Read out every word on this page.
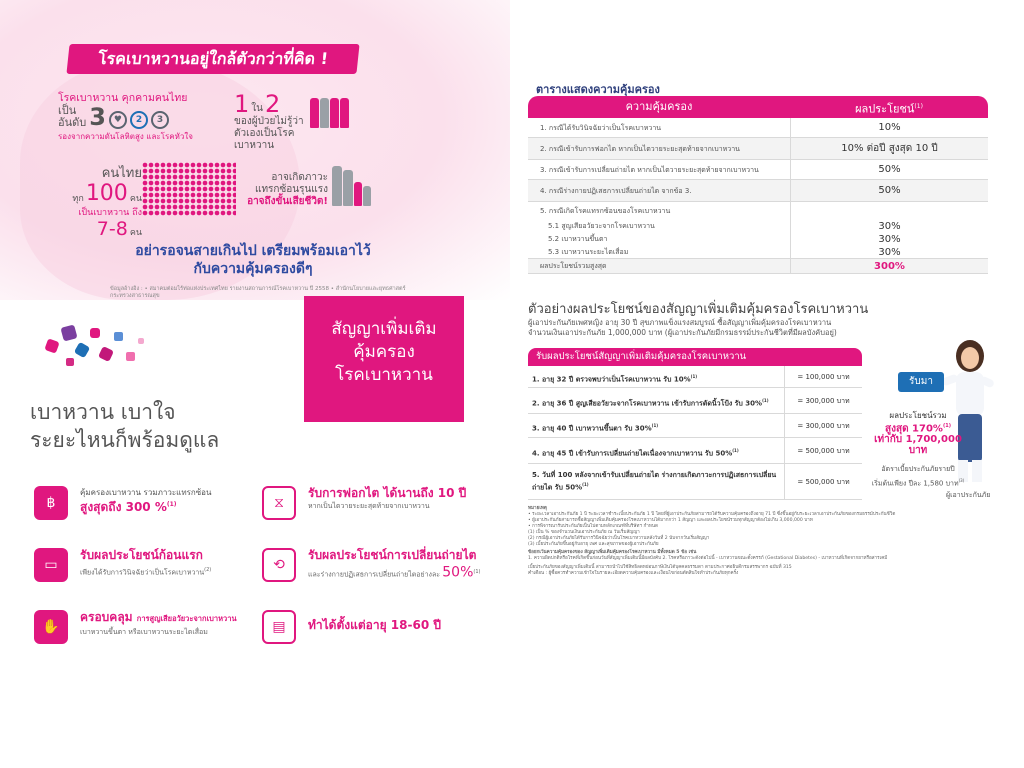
โรคเบาหวานอยู่ใกล้ตัวกว่าที่คิด !
โรคเบาหวาน คุกคามคนไทย
เป็น
อันดับ 3 ♥	2	3
รองจากความดันโลหิตสูง และโรคหัวใจ
1 ใน 2
ของผู้ป่วยไม่รู้ว่าตัวเองเป็นโรคเบาหวาน
คนไทย
ทุก 100 คน
เป็นเบาหวาน ถึง
7-8 คน
อาจเกิดภาวะ
แทรกซ้อนรุนแรง
อาจถึงขั้นเสียชีวิต!
อย่ารอจนสายเกินไป เตรียมพร้อมเอาไว้
กับความคุ้มครองดีๆ
ข้อมูลอ้างอิง : • สมาคมต่อมไร้ท่อแห่งประเทศไทย รายงานสถานการณ์โรคเบาหวาน ปี 2558 • สำนักนโยบายและยุทธศาสตร์ กระทรวงสาธารณสุข
สัญญาเพิ่มเติม
คุ้มครอง
โรคเบาหวาน
เบาหวาน เบาใจ
ระยะไหนก็พร้อมดูแล
฿
คุ้มครองเบาหวาน รวมภาวะแทรกซ้อน
สูงสุดถึง 300 %$^{(1)}$	⧖
รับการฟอกไต ได้นานถึง 10 ปี
หากเป็นไตวายระยะสุดท้ายจากเบาหวาน
▭
รับผลประโยชน์ก้อนแรก
เพียงได้รับการวินิจฉัยว่าเป็นโรคเบาหวาน$^{(2)}$	⟲
รับผลประโยชน์การเปลี่ยนถ่ายไต
และร่างกายปฏิเสธการเปลี่ยนถ่ายไตอย่างละ 50%$^{(1)}$
✋
ครอบคลุม การสูญเสียอวัยวะจากเบาหวาน
เบาหวานขึ้นตา หรือเบาหวานระยะไตเสื่อม	▤	ทำได้ตั้งแต่อายุ 18-60 ปี
ตารางแสดงความคุ้มครอง
ความคุ้มครอง	ผลประโยชน์$^{(1)}$
1. กรณีได้รับวินิจฉัยว่าเป็นโรคเบาหวาน	10%
2. กรณีเข้ารับการฟอกไต หากเป็นไตวายระยะสุดท้ายจากเบาหวาน	10% ต่อปี สูงสุด 10 ปี
3. กรณีเข้ารับการเปลี่ยนถ่ายไต หากเป็นไตวายระยะสุดท้ายจากเบาหวาน	50%
4. กรณีร่างกายปฏิเสธการเปลี่ยนถ่ายไต จากข้อ 3.	50%
5. กรณีเกิดโรคแทรกซ้อนของโรคเบาหวาน
5.1 สูญเสียอวัยวะจากโรคเบาหวาน	30%
5.2 เบาหวานขึ้นตา	30%
5.3 เบาหวานระยะไตเสื่อม	30%
ผลประโยชน์รวมสูงสุด	300%
ตัวอย่างผลประโยชน์ของสัญญาเพิ่มเติมคุ้มครองโรคเบาหวาน
ผู้เอาประกันภัยเพศหญิง อายุ 30 ปี สุขภาพแข็งแรงสมบูรณ์ ซื้อสัญญาเพิ่มคุ้มครองโรคเบาหวาน
จำนวนเงินเอาประกันภัย 1,000,000 บาท (ผู้เอาประกันภัยมีกรมธรรม์ประกันชีวิตที่มีผลบังคับอยู่)
รับผลประโยชน์สัญญาเพิ่มเติมคุ้มครองโรคเบาหวาน
1. อายุ 32 ปี ตรวจพบว่าเป็นโรคเบาหวาน รับ 10%$^{(1)}$	= 100,000 บาท
2. อายุ 36 ปี สูญเสียอวัยวะจากโรคเบาหวาน เข้ารับการตัดนิ้วโป้ง รับ 30%$^{(1)}$	= 300,000 บาท
3. อายุ 40 ปี เบาหวานขึ้นตา รับ 30%$^{(1)}$	= 300,000 บาท
4. อายุ 45 ปี เข้ารับการเปลี่ยนถ่ายไตเนื่องจากเบาหวาน รับ 50%$^{(1)}$	= 500,000 บาท
5. วันที่ 100 หลังจากเข้ารับเปลี่ยนถ่ายไต ร่างกายเกิดภาวะการปฏิเสธการเปลี่ยนถ่ายไต รับ 50%$^{(1)}$	= 500,000 บาท
รับมา
ผลประโยชน์รวม
สูงสุด 170%$^{(1)}$
เท่ากับ 1,700,000 บาท
อัตราเบี้ยประกันภัยรายปี
เริ่มต้นเพียง ปีละ 1,580 บาท$^{(3)}$
ผู้เอาประกันภัย
หมายเหตุ
• ระยะเวลาเอาประกันภัย 1 ปี ระยะเวลาชำระเบี้ยประกันภัย 1 ปี โดยที่ผู้เอาประกันภัยสามารถได้รับความคุ้มครองถึงอายุ 71 ปี ซึ่งขึ้นอยู่กับระยะเวลาเอาประกันภัยของกรมธรรม์ประกันชีวิต
• ผู้เอาประกันภัยสามารถซื้อสัญญาเพิ่มเติมคุ้มครองโรคเบาหวานได้มากกว่า 1 สัญญา และผลประโยชน์รวมทุกสัญญาต้องไม่เกิน 3,000,000 บาท
• การพิจารณารับประกันภัยเป็นไปตามหลักเกณฑ์ที่บริษัทฯ กำหนด
(1) เป็น % ของจำนวนเงินเอาประกันภัย ณ วันเริ่มสัญญา
(2) กรณีผู้เอาประกันภัยได้รับการวินิจฉัยว่าเป็นโรคเบาหวานหลังวันที่ 2 นับจากวันเริ่มสัญญา
(3) เบี้ยประกันภัยขึ้นอยู่กับอายุ เพศ และสุขภาพของผู้เอาประกันภัย
ข้อยกเว้นความคุ้มครองของ สัญญาเพิ่มเติมคุ้มครองโรคเบาหวาน มีทั้งหมด 5 ข้อ เช่น
1. ความผิดปกติหรือโรคที่เกิดขึ้นก่อนวันที่สัญญาเพิ่มเติมนี้มีผลบังคับ 2. โรคหรือภาวะดังต่อไปนี้ - เบาหวานขณะตั้งครรภ์ (Gestational Diabetes) - เบาหวานที่เกิดจากยาหรือสารเคมี
เบี้ยประกันภัยของสัญญาเพิ่มเติมนี้ สามารถนำไปใช้สิทธิลดหย่อนภาษีเงินได้บุคคลธรรมดา ตามประกาศอธิบดีกรมสรรพากร ฉบับที่ 315
คำเตือน : ผู้ซื้อควรทำความเข้าใจในรายละเอียดความคุ้มครองและเงื่อนไขก่อนตัดสินใจทำประกันภัยทุกครั้ง
